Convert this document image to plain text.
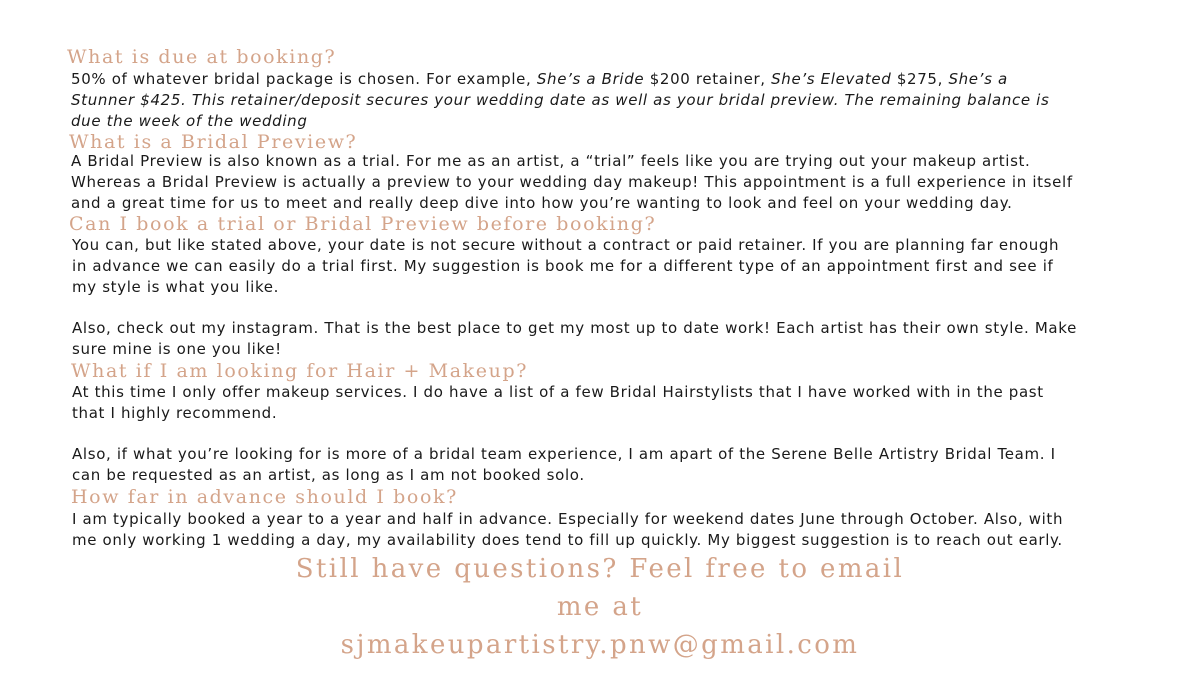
What is due at booking?
50% of whatever bridal package is chosen. For example, She’s a Bride $200 retainer, She’s Elevated $275, She’s a
Stunner $425. This retainer/deposit secures your wedding date as well as your bridal preview. The remaining balance is
due the week of the wedding
What is a Bridal Preview?
A Bridal Preview is also known as a trial. For me as an artist, a “trial” feels like you are trying out your makeup artist.
Whereas a Bridal Preview is actually a preview to your wedding day makeup! This appointment is a full experience in itself
and a great time for us to meet and really deep dive into how you’re wanting to look and feel on your wedding day.
Can I book a trial or Bridal Preview before booking?
You can, but like stated above, your date is not secure without a contract or paid retainer. If you are planning far enough
in advance we can easily do a trial first. My suggestion is book me for a different type of an appointment first and see if
my style is what you like.
Also, check out my instagram. That is the best place to get my most up to date work! Each artist has their own style. Make
sure mine is one you like!
What if I am looking for Hair + Makeup?
At this time I only offer makeup services. I do have a list of a few Bridal Hairstylists that I have worked with in the past
that I highly recommend.
Also, if what you’re looking for is more of a bridal team experience, I am apart of the Serene Belle Artistry Bridal Team. I
can be requested as an artist, as long as I am not booked solo.
How far in advance should I book?
I am typically booked a year to a year and half in advance. Especially for weekend dates June through October. Also, with
me only working 1 wedding a day, my availability does tend to fill up quickly. My biggest suggestion is to reach out early.
Still have questions? Feel free to email
me at
sjmakeupartistry.pnw@gmail.com
